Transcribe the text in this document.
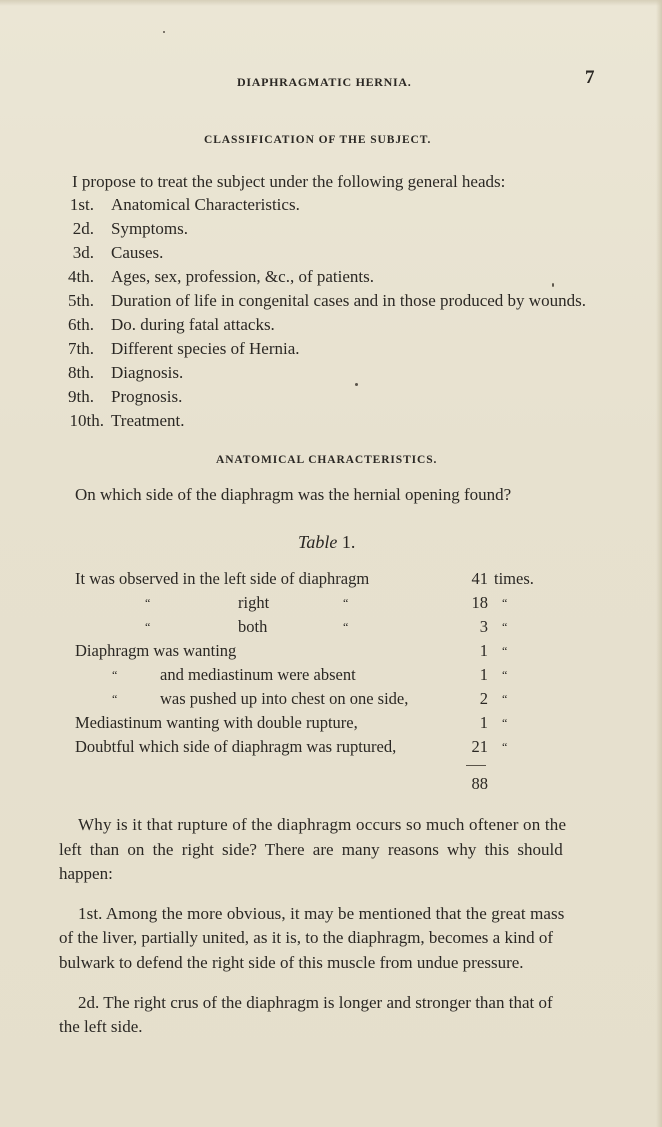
DIAPHRAGMATIC HERNIA.	7
CLASSIFICATION OF THE SUBJECT.
I propose to treat the subject under the following general heads:
1st. Anatomical Characteristics.
2d. Symptoms.
3d. Causes.
4th. Ages, sex, profession, &c., of patients.
5th. Duration of life in congenital cases and in those produced by wounds.
6th. Do. during fatal attacks.
7th. Different species of Hernia.
8th. Diagnosis.
9th. Prognosis.
10th. Treatment.
ANATOMICAL CHARACTERISTICS.
On which side of the diaphragm was the hernial opening found?
Table 1.
It was observed in the left side of diaphragm	41 times.
“	right	“	18 “
“	both	“	3 “
Diaphragm was wanting	1 “
“	and mediastinum were absent	1 “
“	was pushed up into chest on one side,	2 “
Mediastinum wanting with double rupture,	1 “
Doubtful which side of diaphragm was ruptured,	21 “
88
Why is it that rupture of the diaphragm occurs so much oftener on the
left than on the right side? There are many reasons why this should
happen:
1st. Among the more obvious, it may be mentioned that the great mass
of the liver, partially united, as it is, to the diaphragm, becomes a kind of
bulwark to defend the right side of this muscle from undue pressure.
2d. The right crus of the diaphragm is longer and stronger than that of
the left side.
